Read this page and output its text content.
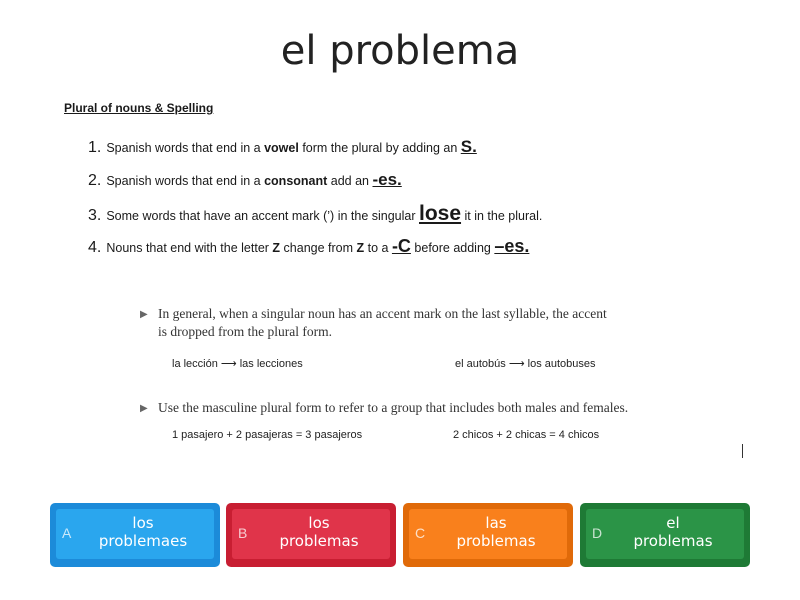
el problema
Plural of nouns & Spelling
1. Spanish words that end in a vowel form the plural by adding an S.
2. Spanish words that end in a consonant add an -es.
3. Some words that have an accent mark (’) in the singular lose it in the plural.
4. Nouns that end with the letter Z change from Z to a -C before adding –es.
▶ In general, when a singular noun has an accent mark on the last syllable, the accent
is dropped from the plural form.
la lección ⟶ las lecciones	el autobús ⟶ los autobuses
▶ Use the masculine plural form to refer to a group that includes both males and females.
1 pasajero + 2 pasajeras = 3 pasajeros	2 chicos + 2 chicas = 4 chicos
A
los
problemaes	B
los
problemas	C
las
problemas	D
el
problemas
